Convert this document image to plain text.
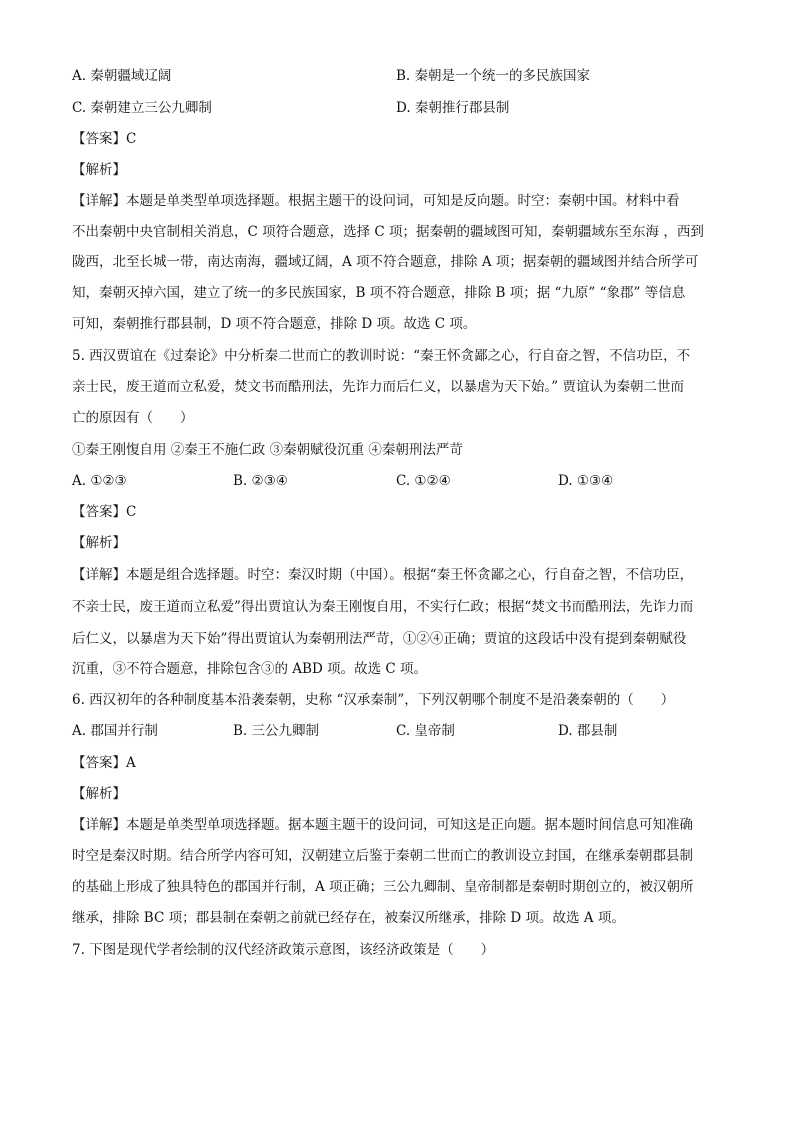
A. 秦朝疆域辽阔	B. 秦朝是一个统一的多民族国家
C. 秦朝建立三公九卿制	D. 秦朝推行郡县制
【答案】C
【解析】
【详解】本题是单类型单项选择题。根据主题干的设问词，可知是反向题。时空：秦朝中国。材料中看
不出秦朝中央官制相关消息，C 项符合题意，选择 C 项；据秦朝的疆域图可知，秦朝疆域东至东海 ，西到
陇西，北至长城一带，南达南海，疆域辽阔，A 项不符合题意，排除 A 项；据秦朝的疆域图并结合所学可
知，秦朝灭掉六国，建立了统一的多民族国家，B 项不符合题意，排除 B 项；据 “九原” “象郡” 等信息
可知，秦朝推行郡县制，D 项不符合题意，排除 D 项。故选 C 项。
5. 西汉贾谊在《过秦论》中分析秦二世而亡的教训时说：“秦王怀贪鄙之心，行自奋之智，不信功臣，不
亲士民，废王道而立私爱，焚文书而酷刑法，先诈力而后仁义，以暴虐为天下始。” 贾谊认为秦朝二世而
亡的原因有（　　）
①秦王刚愎自用 ②秦王不施仁政 ③秦朝赋役沉重 ④秦朝刑法严苛
A. ①②③	B. ②③④	C. ①②④	D. ①③④
【答案】C
【解析】
【详解】本题是组合选择题。时空：秦汉时期（中国）。根据“秦王怀贪鄙之心，行自奋之智，不信功臣，
不亲士民，废王道而立私爱”得出贾谊认为秦王刚愎自用，不实行仁政；根据“焚文书而酷刑法，先诈力而
后仁义，以暴虐为天下始”得出贾谊认为秦朝刑法严苛，①②④正确；贾谊的这段话中没有提到秦朝赋役
沉重，③不符合题意，排除包含③的 ABD 项。故选 C 项。
6. 西汉初年的各种制度基本沿袭秦朝，史称 “汉承秦制”，下列汉朝哪个制度不是沿袭秦朝的（　　）
A. 郡国并行制	B. 三公九卿制	C. 皇帝制	D. 郡县制
【答案】A
【解析】
【详解】本题是单类型单项选择题。据本题主题干的设问词，可知这是正向题。据本题时间信息可知准确
时空是秦汉时期。结合所学内容可知，汉朝建立后鉴于秦朝二世而亡的教训设立封国，在继承秦朝郡县制
的基础上形成了独具特色的郡国并行制，A 项正确；三公九卿制、皇帝制都是秦朝时期创立的，被汉朝所
继承，排除 BC 项；郡县制在秦朝之前就已经存在，被秦汉所继承，排除 D 项。故选 A 项。
7. 下图是现代学者绘制的汉代经济政策示意图，该经济政策是（　　）
